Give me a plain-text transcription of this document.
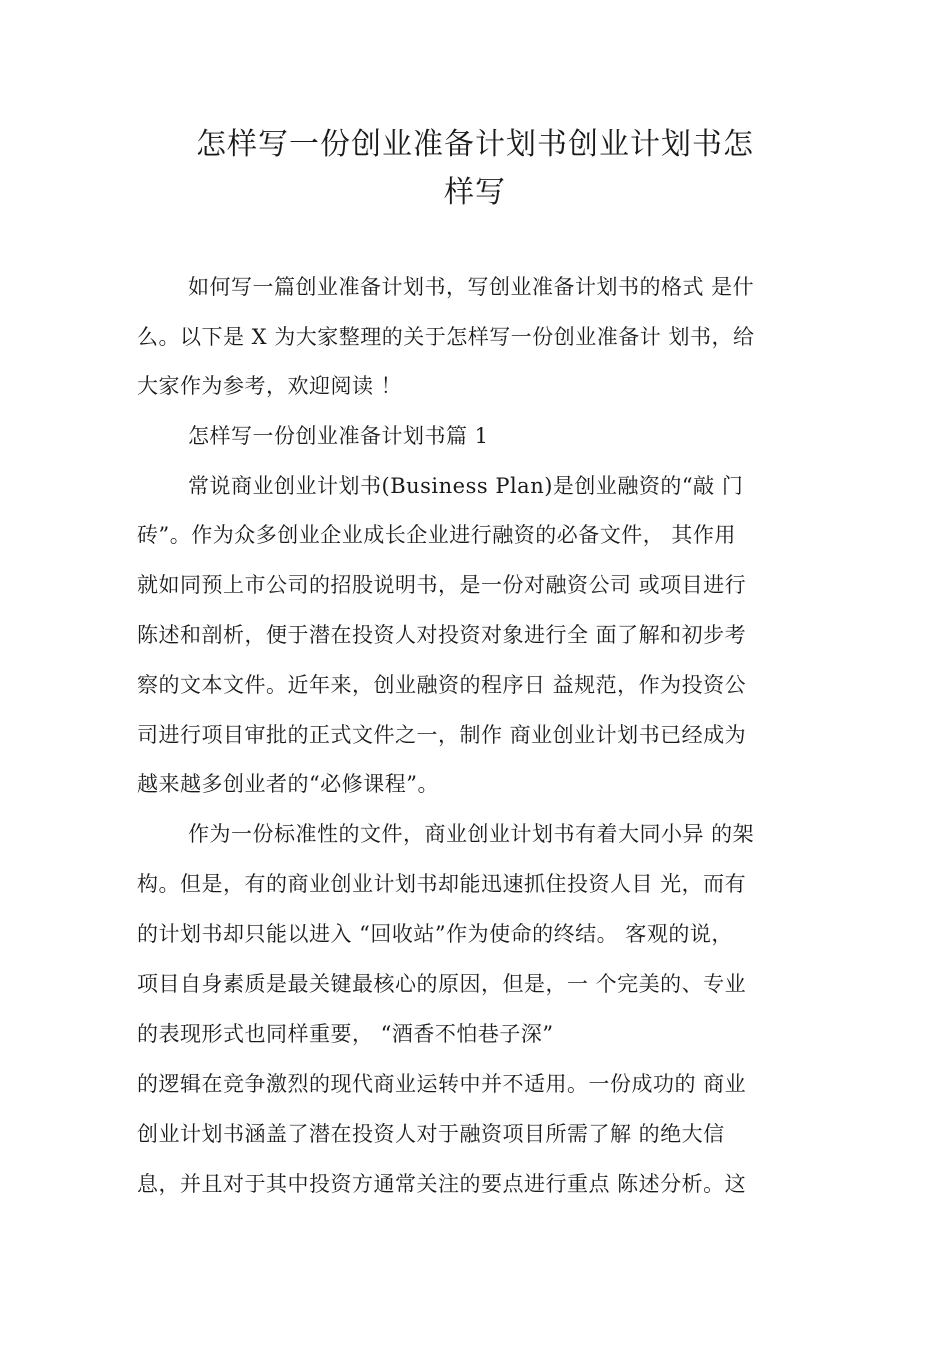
怎样写一份创业准备计划书创业计划书怎
样写
如何写一篇创业准备计划书，写创业准备计划书的格式 是什
么。以下是 X 为大家整理的关于怎样写一份创业准备计 划书，给
大家作为参考，欢迎阅读 ！
怎样写一份创业准备计划书篇 1
常说商业创业计划书(Business Plan)是创业融资的“敲 门
砖”。作为众多创业企业成长企业进行融资的必备文件， 其作用
就如同预上市公司的招股说明书，是一份对融资公司 或项目进行
陈述和剖析，便于潜在投资人对投资对象进行全 面了解和初步考
察的文本文件。近年来，创业融资的程序日 益规范，作为投资公
司进行项目审批的正式文件之一，制作 商业创业计划书已经成为
越来越多创业者的“必修课程”。
作为一份标准性的文件，商业创业计划书有着大同小异 的架
构。但是，有的商业创业计划书却能迅速抓住投资人目 光，而有
的计划书却只能以进入 “回收站”作为使命的终结。 客观的说，
项目自身素质是最关键最核心的原因，但是，一 个完美的、专业
的表现形式也同样重要， “酒香不怕巷子深”
的逻辑在竞争激烈的现代商业运转中并不适用。一份成功的 商业
创业计划书涵盖了潜在投资人对于融资项目所需了解 的绝大信
息，并且对于其中投资方通常关注的要点进行重点 陈述分析。这
